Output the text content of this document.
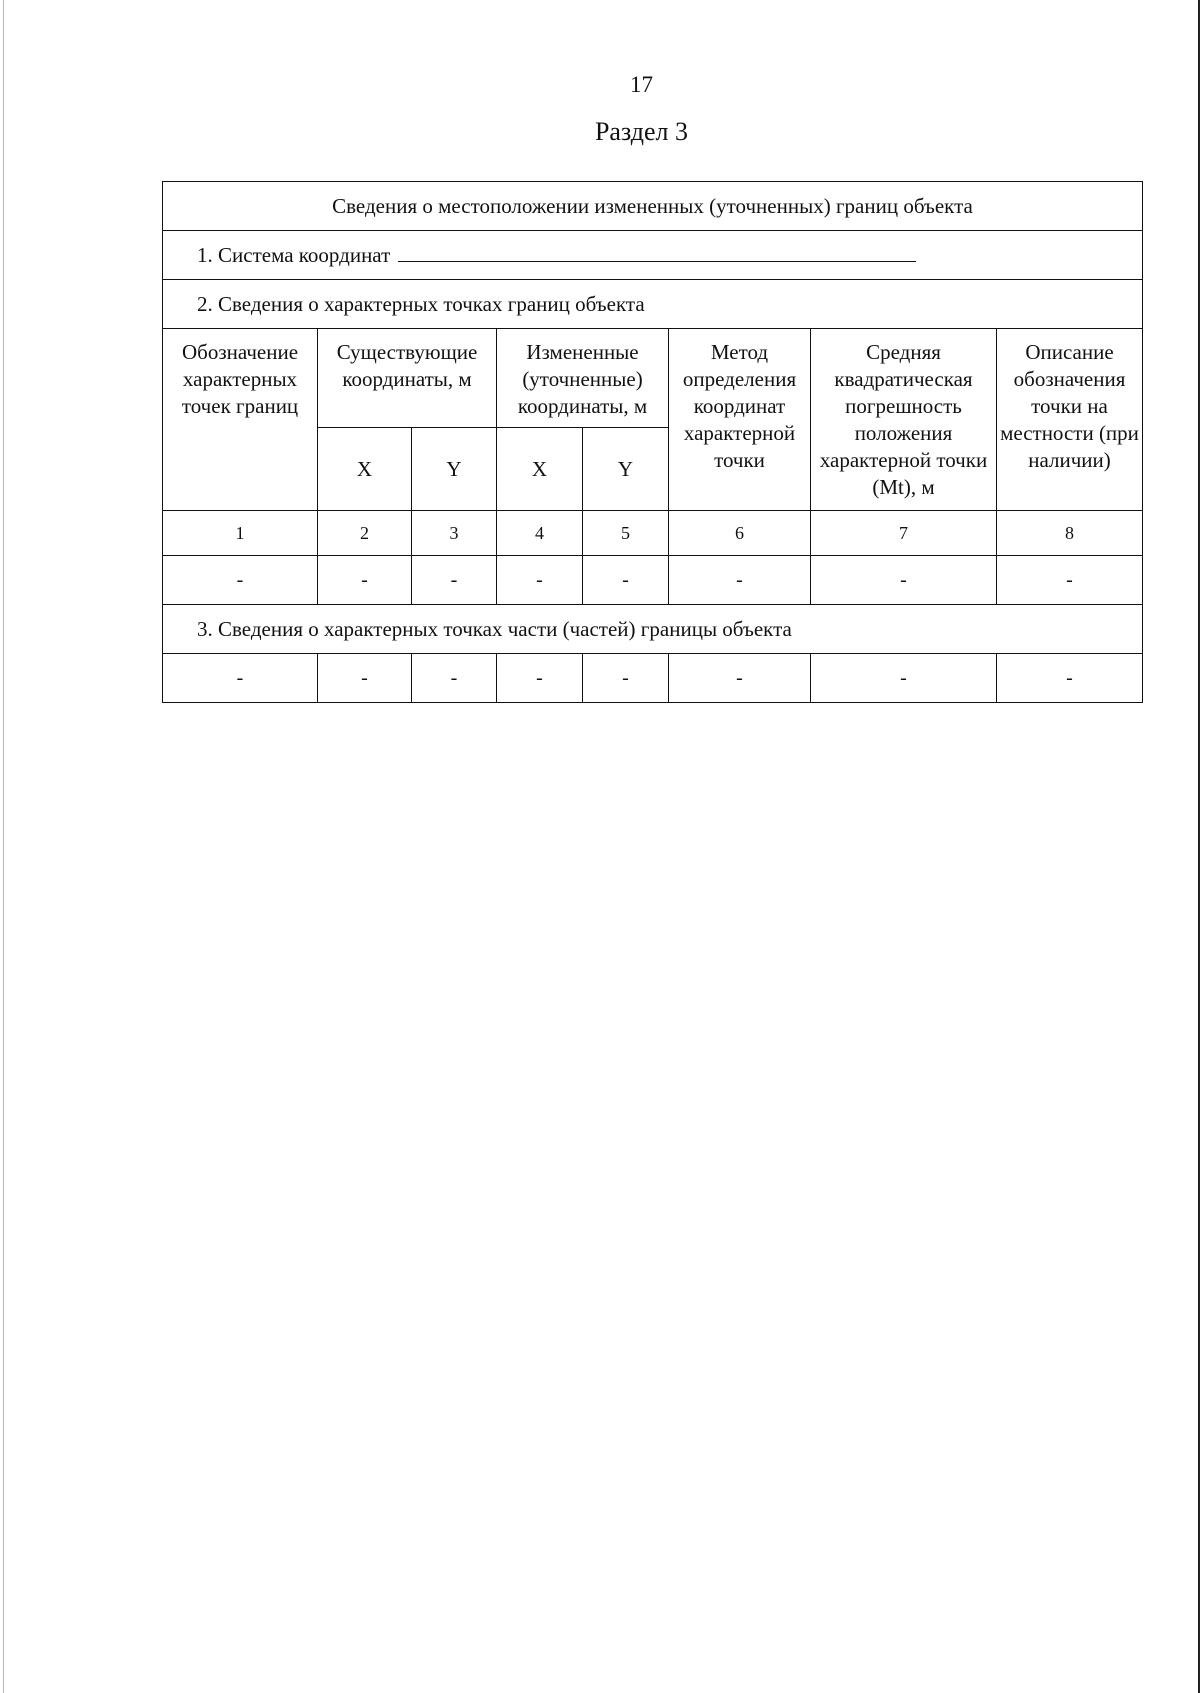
17
Раздел 3
Сведения о местоположении измененных (уточненных) границ объекта							
1. Система координат							
2. Сведения о характерных точках границ объекта							
Обозначение характерных точек границ	Существующие координаты, м		Измененные (уточненные) координаты, м		Метод определения координат характерной точки	Средняя квадратическая погрешность положения характерной точки (Mt), м	Описание обозначения точки на местности (при наличии)
	X	Y	X	Y			
1	2	3	4	5	6	7	8
-	-	-	-	-	-	-	-
3. Сведения о характерных точках части (частей) границы объекта							
-	-	-	-	-	-	-	-
